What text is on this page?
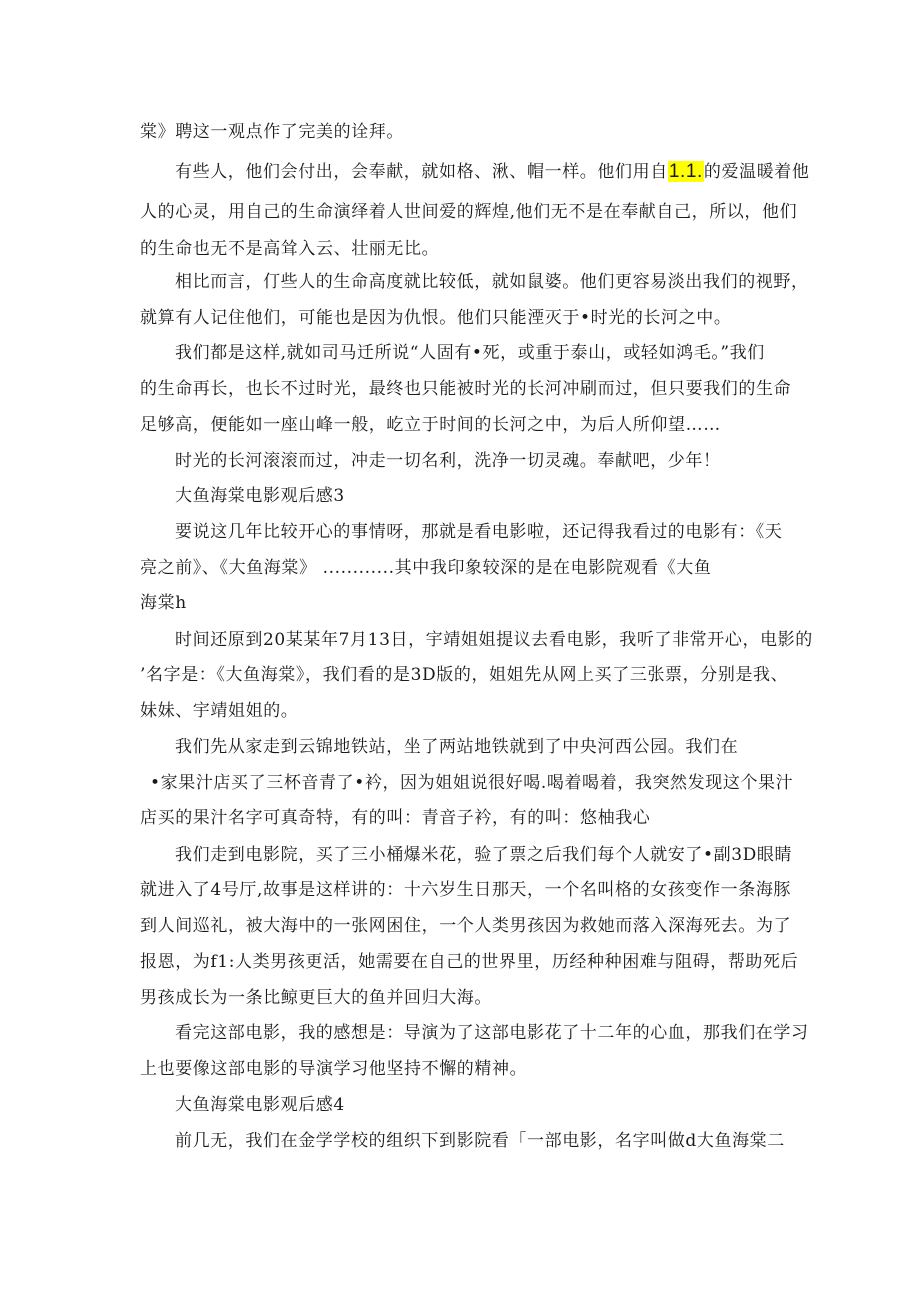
棠》聘这一观点作了完美的诠拜。

有些人，他们会付出，会奉献，就如格、湫、帽一样。他们用自1.1.的爱温暖着他

人的心灵，用自己的生命演绎着人世间爱的辉煌,他们无不是在奉献自己，所以，他们

的生命也无不是高耸入云、壮丽无比。

相比而言，仃些人的生命高度就比较低，就如鼠婆。他们更容易淡出我们的视野，

就算有人记住他们，可能也是因为仇恨。他们只能湮灭于•时光的长河之中。

我们都是这样,就如司马迁所说“人固有•死，或重于泰山，或轻如鸿毛。”我们

的生命再长，也长不过时光，最终也只能被时光的长河冲刷而过，但只要我们的生命

足够高，便能如一座山峰一般，屹立于时间的长河之中，为后人所仰望……

时光的长河滚滚而过，冲走一切名利，洗净一切灵魂。奉献吧，少年！

大鱼海棠电影观后感3

要说这几年比较开心的事情呀，那就是看电影啦，还记得我看过的电影有：《天

亮之前》、《大鱼海棠》 ............其中我印象较深的是在电影院观看《大鱼

海棠h

时间还原到20某某年7月13日，宇靖姐姐提议去看电影，我听了非常开心，电影的

’名字是：《大鱼海棠》，我们看的是3D版的，姐姐先从网上买了三张票，分别是我、

妹妹、宇靖姐姐的。

我们先从家走到云锦地铁站，坐了两站地铁就到了中央河西公园。我们在

•家果汁店买了三杯音青了•衿，因为姐姐说很好喝.喝着喝着，我突然发现这个果汁

店买的果汁名字可真奇特，有的叫：青音子衿，有的叫：悠柚我心

我们走到电影院，买了三小桶爆米花，验了票之后我们每个人就安了•副3D眼睛

就进入了4号厅,故事是这样讲的：十六岁生日那天，一个名叫格的女孩变作一条海豚

到人间巡礼，被大海中的一张网困住，一个人类男孩因为救她而落入深海死去。为了

报恩，为f1:人类男孩更活，她需要在自己的世界里，历经种种困难与阻碍，帮助死后

男孩成长为一条比鲸更巨大的鱼并回归大海。

看完这部电影，我的感想是：导演为了这部电影花了十二年的心血，那我们在学习

上也要像这部电影的导演学习他坚持不懈的精神。

大鱼海棠电影观后感4

前几无，我们在金学学校的组织下到影院看「一部电影，名字叫做d大鱼海棠二
